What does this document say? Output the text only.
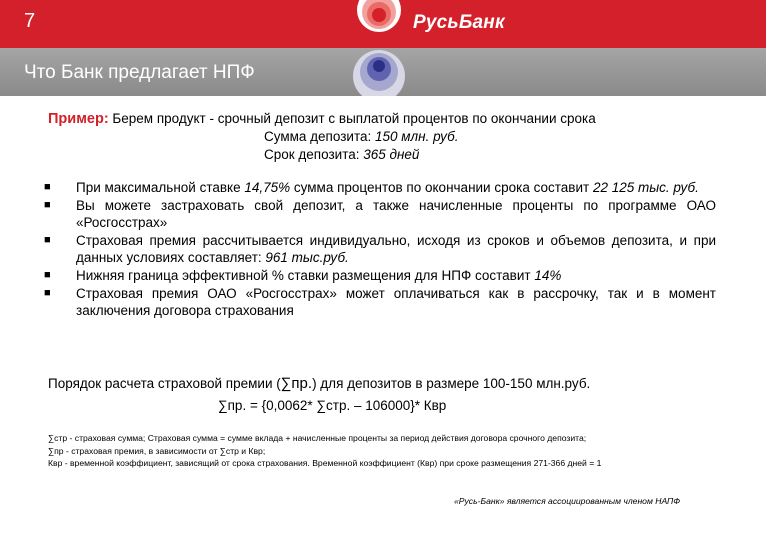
7	РусьБанк
Что Банк предлагает НПФ
Пример: Берем продукт - срочный депозит с выплатой процентов по окончании срока
Сумма депозита: 150 млн. руб.
Срок депозита: 365 дней
■ При максимальной ставке 14,75% сумма процентов по окончании срока составит 22 125 тыс. руб.
■ Вы можете застраховать свой депозит, а также начисленные проценты по программе ОАО «Росгосстрах»
■ Страховая премия рассчитывается индивидуально, исходя из сроков и объемов депозита, и при данных условиях составляет: 961 тыс.руб.
■ Нижняя граница эффективной % ставки размещения для НПФ составит 14%
■ Страховая премия ОАО «Росгосстрах» может оплачиваться как в рассрочку, так и в момент заключения договора страхования
Порядок расчета страховой премии (∑пр.) для депозитов в размере 100-150 млн.руб.
∑пр. = {0,0062* ∑стр. – 106000}* Квр
∑стр - страховая сумма; Страховая сумма = сумме вклада + начисленные проценты за период действия договора срочного депозита;
∑пр - страховая премия, в зависимости от ∑стр и Квр;
Квр - временной коэффициент, зависящий от срока страхования. Временной коэффициент (Квр) при сроке размещения 271-366 дней = 1
«Русь-Банк» является ассоциированным членом НАПФ
